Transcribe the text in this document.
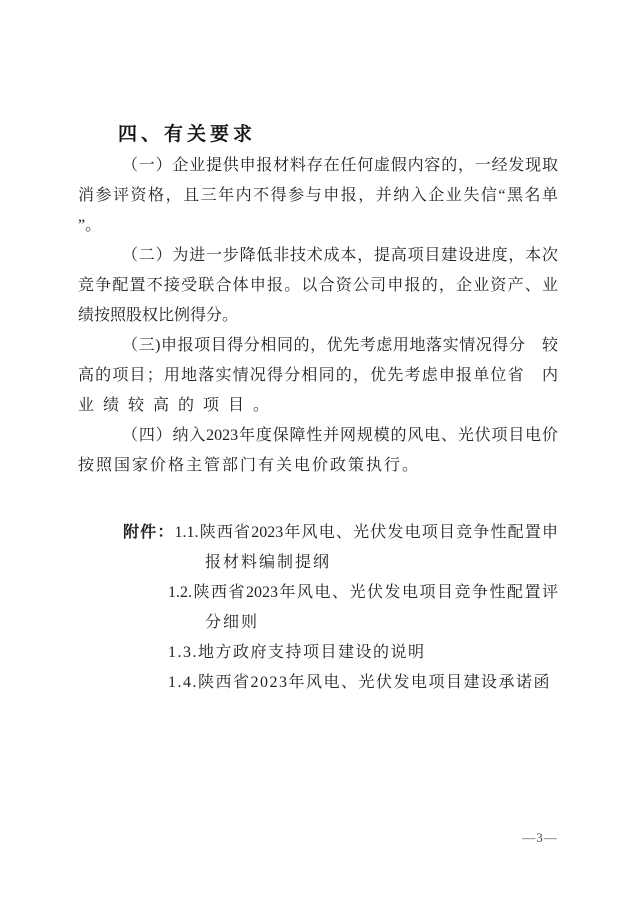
四、有关要求
（一）企业提供申报材料存在任何虚假内容的，一经发现取
消参评资格，且三年内不得参与申报，并纳入企业失信“黑名单
”。
（二）为进一步降低非技术成本，提高项目建设进度，本次
竞争配置不接受联合体申报。以合资公司申报的，企业资产、业
绩按照股权比例得分。
（三)申报项目得分相同的，优先考虑用地落实情况得分　较
高的项目；用地落实情况得分相同的，优先考虑申报单位省　内
业绩较高的项目。
（四）纳入2023年度保障性并网规模的风电、光伏项目电价
按照国家价格主管部门有关电价政策执行。
附件：1.1.陕西省2023年风电、光伏发电项目竞争性配置申
报材料编制提纲
1.2.陕西省2023年风电、光伏发电项目竞争性配置评
分细则
1.3.地方政府支持项目建设的说明
1.4.陕西省2023年风电、光伏发电项目建设承诺函
—3—
